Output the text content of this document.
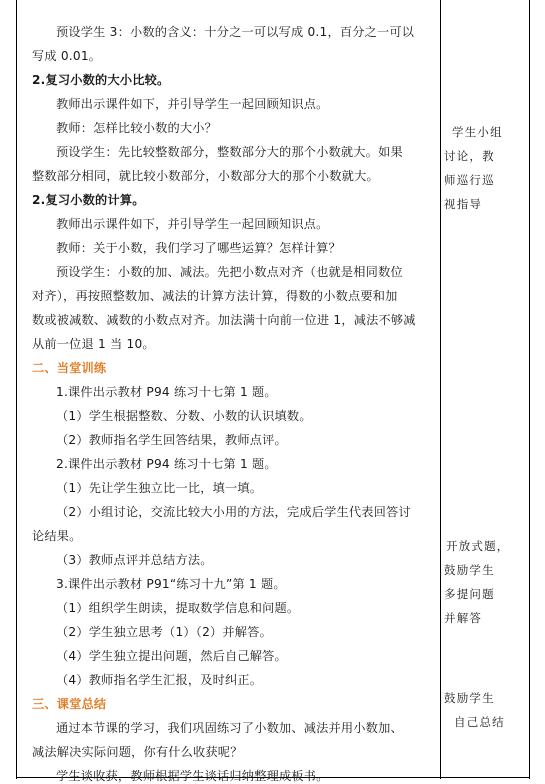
预设学生 3：小数的含义：十分之一可以写成 0.1，百分之一可以
写成 0.01。
2.复习小数的大小比较。
教师出示课件如下，并引导学生一起回顾知识点。
教师：怎样比较小数的大小？
预设学生：先比较整数部分，整数部分大的那个小数就大。如果
整数部分相同，就比较小数部分，小数部分大的那个小数就大。
2.复习小数的计算。
教师出示课件如下，并引导学生一起回顾知识点。
教师：关于小数，我们学习了哪些运算？怎样计算？
预设学生：小数的加、减法。先把小数点对齐（也就是相同数位
对齐），再按照整数加、减法的计算方法计算，得数的小数点要和加
数或被减数、减数的小数点对齐。加法满十向前一位进 1，减法不够减
从前一位退 1 当 10。
二、当堂训练
1.课件出示教材 P94 练习十七第 1 题。
（1）学生根据整数、分数、小数的认识填数。
（2）教师指名学生回答结果，教师点评。
2.课件出示教材 P94 练习十七第 1 题。
（1）先让学生独立比一比，填一填。
（2）小组讨论，交流比较大小用的方法，完成后学生代表回答讨
论结果。
（3）教师点评并总结方法。
3.课件出示教材 P91“练习十九”第 1 题。
（1）组织学生朗读，提取数学信息和问题。
（2）学生独立思考（1）（2）并解答。
（4）学生独立提出问题，然后自己解答。
（4）教师指名学生汇报，及时纠正。
三、课堂总结
通过本节课的学习，我们巩固练习了小数加、减法并用小数加、
减法解决实际问题，你有什么收获呢？
学生谈收获，教师根据学生谈话归纳整理成板书。
学生小组
讨论，教
师巡行巡
视指导
开放式题，
鼓励学生
多提问题
并解答
鼓励学生
自己总结
